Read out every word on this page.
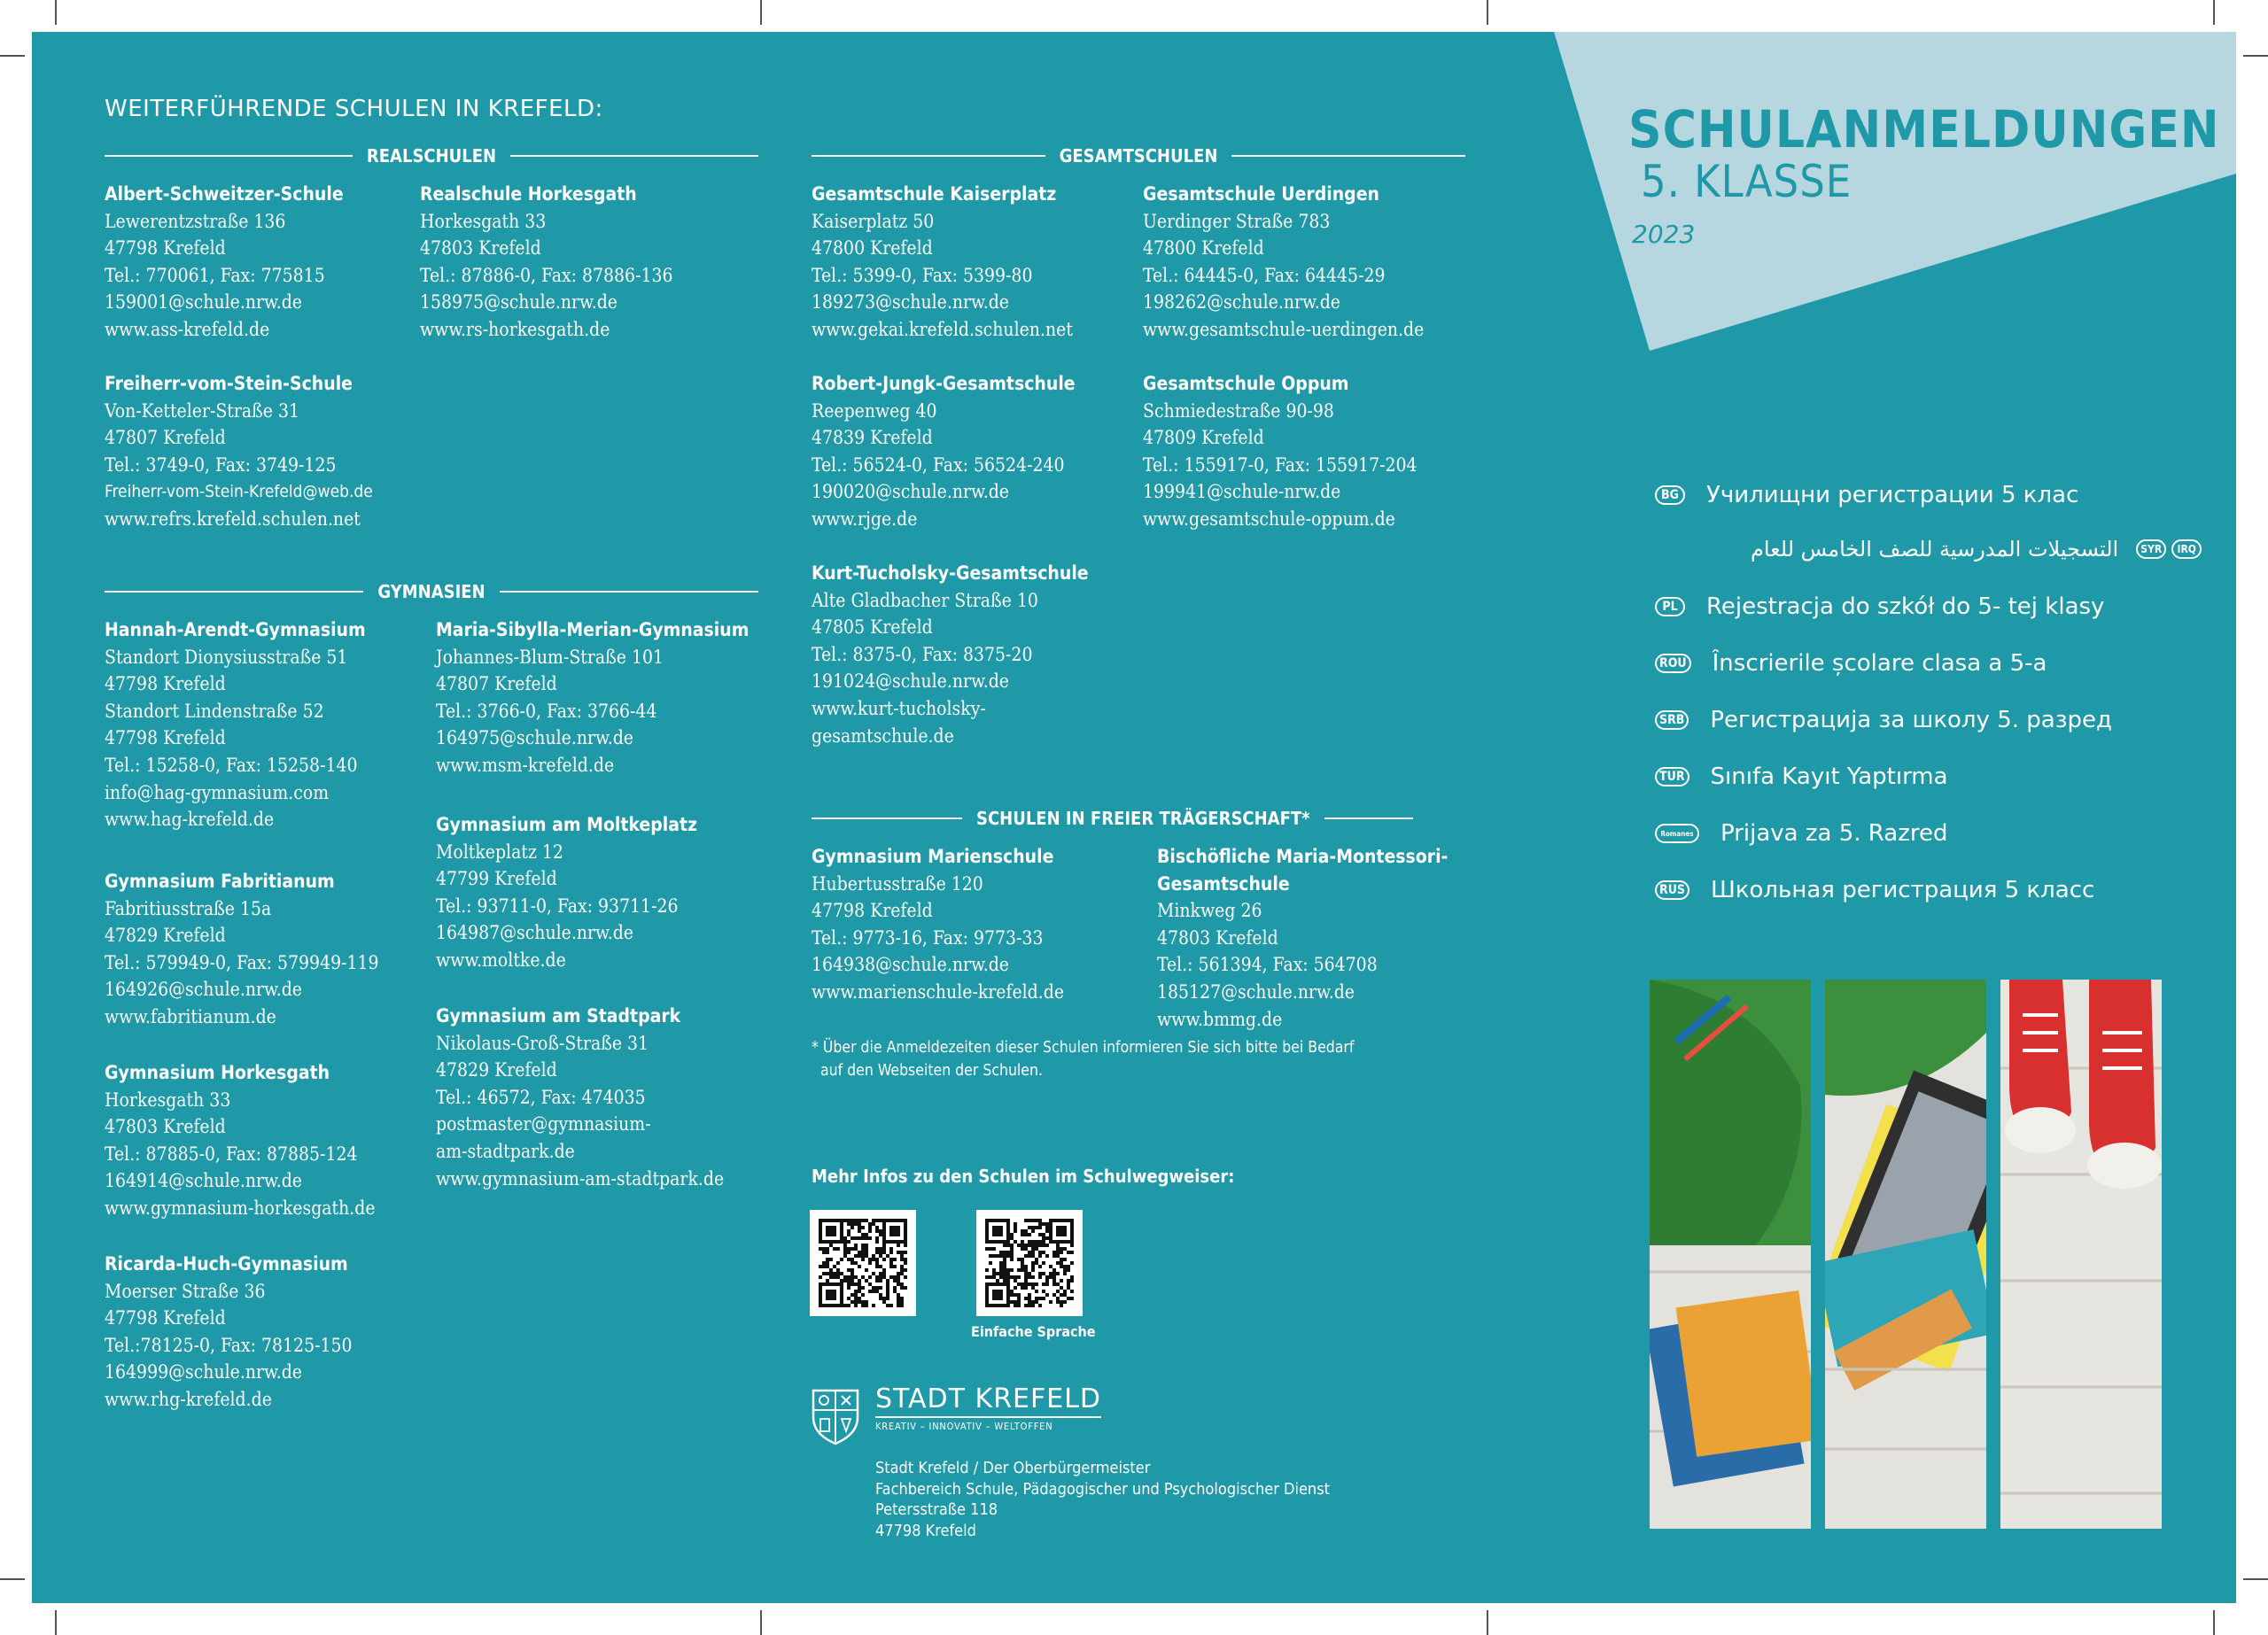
WEITERFÜHRENDE SCHULEN IN KREFELD:
REALSCHULEN
GYMNASIEN
GESAMTSCHULEN
SCHULEN IN FREIER TRÄGERSCHAFT*
Albert-Schweitzer-Schule
Lewerentzstraße 136
47798 Krefeld
Tel.: 770061, Fax: 775815
159001@schule.nrw.de
www.ass-krefeld.de
Realschule Horkesgath
Horkesgath 33
47803 Krefeld
Tel.: 87886-0, Fax: 87886-136
158975@schule.nrw.de
www.rs-horkesgath.de
Freiherr-vom-Stein-Schule
Von-Ketteler-Straße 31
47807 Krefeld
Tel.: 3749-0, Fax: 3749-125
Freiherr-vom-Stein-Krefeld@web.de
www.refrs.krefeld.schulen.net
Hannah-Arendt-Gymnasium
Standort Dionysiusstraße 51
47798 Krefeld
Standort Lindenstraße 52
47798 Krefeld
Tel.: 15258-0, Fax: 15258-140
info@hag-gymnasium.com
www.hag-krefeld.de
Maria-Sibylla-Merian-Gymnasium
Johannes-Blum-Straße 101
47807 Krefeld
Tel.: 3766-0, Fax: 3766-44
164975@schule.nrw.de
www.msm-krefeld.de
Gymnasium am Moltkeplatz
Moltkeplatz 12
47799 Krefeld
Tel.: 93711-0, Fax: 93711-26
164987@schule.nrw.de
www.moltke.de
Gymnasium Fabritianum
Fabritiusstraße 15a
47829 Krefeld
Tel.: 579949-0, Fax: 579949-119
164926@schule.nrw.de
www.fabritianum.de	Gymnasium am Stadtpark
Nikolaus-Groß-Straße 31
47829 Krefeld
Tel.: 46572, Fax: 474035
postmaster@gymnasium-
am-stadtpark.de
www.gymnasium-am-stadtpark.de
Gymnasium Horkesgath
Horkesgath 33
47803 Krefeld
Tel.: 87885-0, Fax: 87885-124
164914@schule.nrw.de
www.gymnasium-horkesgath.de
Ricarda-Huch-Gymnasium
Moerser Straße 36
47798 Krefeld
Tel.:78125-0, Fax: 78125-150
164999@schule.nrw.de
www.rhg-krefeld.de
Gesamtschule Kaiserplatz
Kaiserplatz 50
47800 Krefeld
Tel.: 5399-0, Fax: 5399-80
189273@schule.nrw.de
www.gekai.krefeld.schulen.net
Gesamtschule Uerdingen
Uerdinger Straße 783
47800 Krefeld
Tel.: 64445-0, Fax: 64445-29
198262@schule.nrw.de
www.gesamtschule-uerdingen.de
Robert-Jungk-Gesamtschule
Reepenweg 40
47839 Krefeld
Tel.: 56524-0, Fax: 56524-240
190020@schule.nrw.de
www.rjge.de
Gesamtschule Oppum
Schmiedestraße 90-98
47809 Krefeld
Tel.: 155917-0, Fax: 155917-204
199941@schule-nrw.de
www.gesamtschule-oppum.de
Kurt-Tucholsky-Gesamtschule
Alte Gladbacher Straße 10
47805 Krefeld
Tel.: 8375-0, Fax: 8375-20
191024@schule.nrw.de
www.kurt-tucholsky-
gesamtschule.de
Gymnasium Marienschule
Hubertusstraße 120
47798 Krefeld
Tel.: 9773-16, Fax: 9773-33
164938@schule.nrw.de
www.marienschule-krefeld.de
Bischöfliche Maria-Montessori-
Gesamtschule
Minkweg 26
47803 Krefeld
Tel.: 561394, Fax: 564708
185127@schule.nrw.de
www.bmmg.de
* Über die Anmeldezeiten dieser Schulen informieren Sie sich bitte bei Bedarf
auf den Webseiten der Schulen.
Mehr Infos zu den Schulen im Schulwegweiser:
Einfache Sprache
STADT KREFELD
KREATIV – INNOVATIV – WELTOFFEN
Stadt Krefeld / Der Oberbürgermeister
Fachbereich Schule, Pädagogischer und Psychologischer Dienst
Petersstraße 118
47798 Krefeld
SCHULANMELDUNGEN
5. KLASSE
2023
BG Училищни регистрации 5 клас
التسجيلات المدرسية للصف الخامس للعام	SYR	IRQ
PL	Rejestracja do szkół do 5- tej klasy
ROU Înscrierile școlare clasa a 5-a
SRB Регистрација за школу 5. разред
TUR Sınıfa Kayıt Yaptırma
Romanes Prijava za 5. Razred
RUS Школьная регистрация 5 класс
